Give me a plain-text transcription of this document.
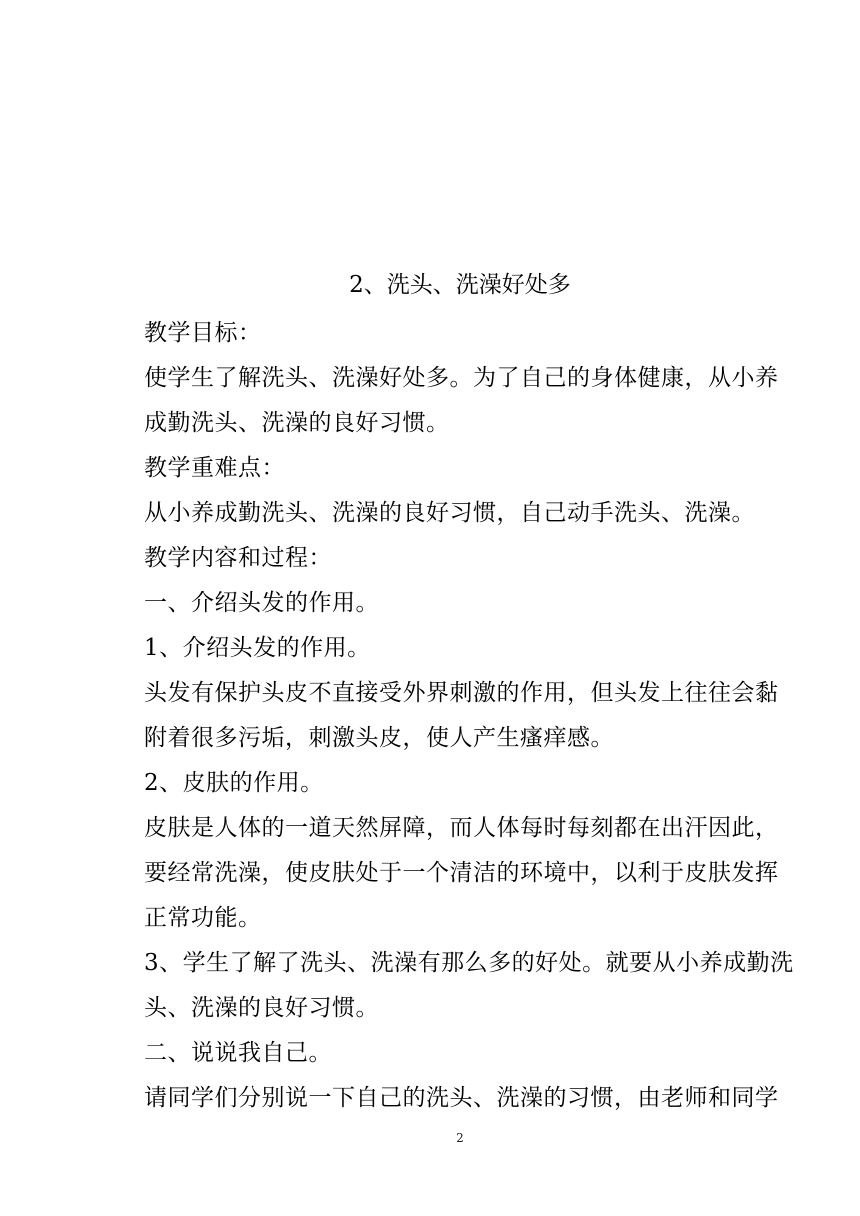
2、洗头、洗澡好处多
教学目标：
使学生了解洗头、洗澡好处多。为了自己的身体健康，从小养
成勤洗头、洗澡的良好习惯。
教学重难点：
从小养成勤洗头、洗澡的良好习惯，自己动手洗头、洗澡。
教学内容和过程：
一、介绍头发的作用。
1、介绍头发的作用。
头发有保护头皮不直接受外界刺激的作用，但头发上往往会黏
附着很多污垢，刺激头皮，使人产生瘙痒感。
2、皮肤的作用。
皮肤是人体的一道天然屏障，而人体每时每刻都在出汗因此，
要经常洗澡，使皮肤处于一个清洁的环境中，以利于皮肤发挥
正常功能。
3、学生了解了洗头、洗澡有那么多的好处。就要从小养成勤洗
头、洗澡的良好习惯。
二、说说我自己。
请同学们分别说一下自己的洗头、洗澡的习惯，由老师和同学
2
